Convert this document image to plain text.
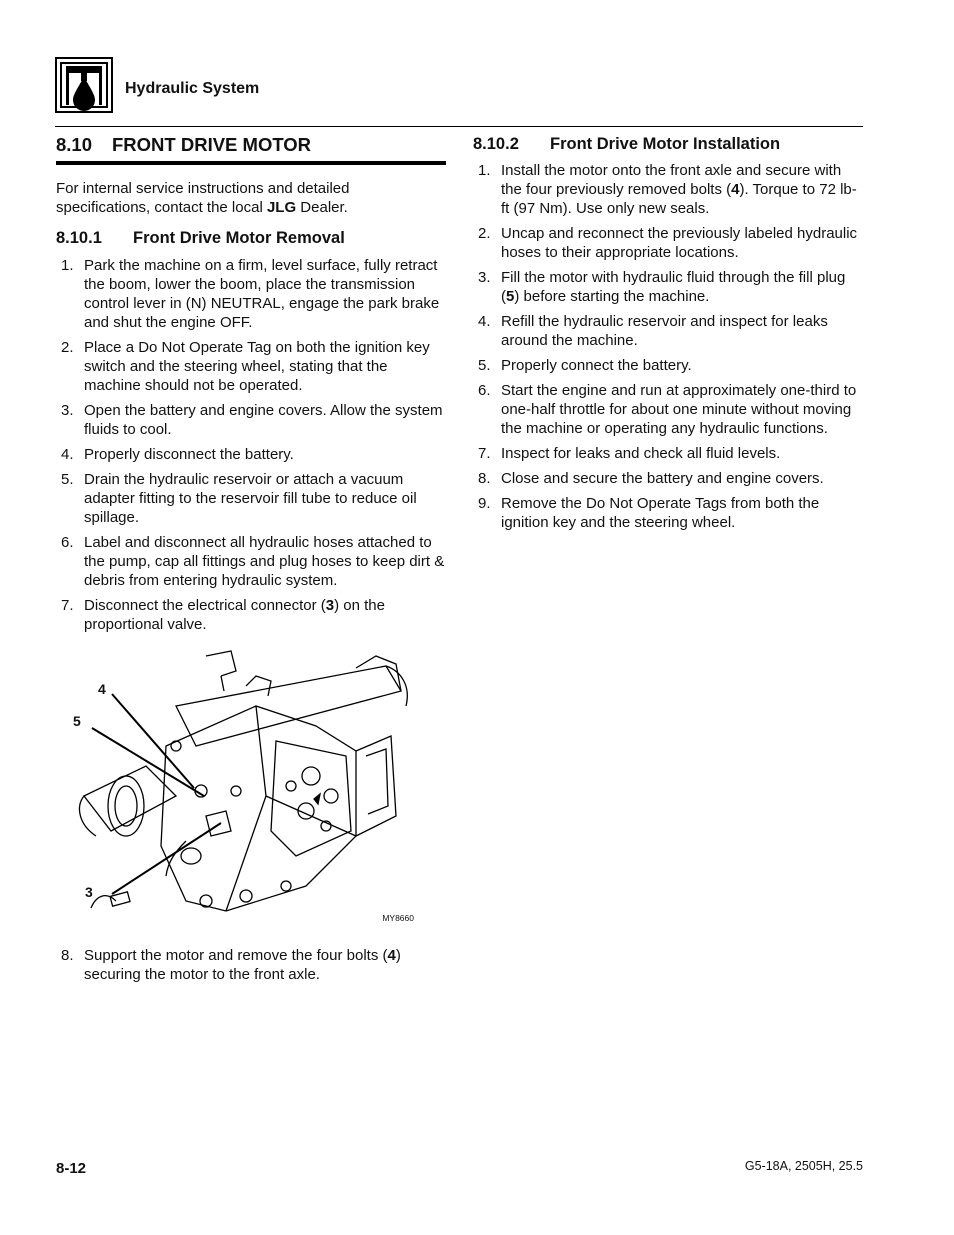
Hydraulic System
8.10 FRONT DRIVE MOTOR

For internal service instructions and detailed specifications, contact the local JLG Dealer.

8.10.1 Front Drive Motor Removal
1. Park the machine on a firm, level surface, fully retract the boom, lower the boom, place the transmission control lever in (N) NEUTRAL, engage the park brake and shut the engine OFF.
2. Place a Do Not Operate Tag on both the ignition key switch and the steering wheel, stating that the machine should not be operated.
3. Open the battery and engine covers. Allow the system fluids to cool.
4. Properly disconnect the battery.
5. Drain the hydraulic reservoir or attach a vacuum adapter fitting to the reservoir fill tube to reduce oil spillage.
6. Label and disconnect all hydraulic hoses attached to the pump, cap all fittings and plug hoses to keep dirt & debris from entering hydraulic system.
7. Disconnect the electrical connector (3) on the proportional valve.
4
5
3
MY8660
8. Support the motor and remove the four bolts (4) securing the motor to the front axle.
8.10.2 Front Drive Motor Installation
1. Install the motor onto the front axle and secure with the four previously removed bolts (4). Torque to 72 lb-ft (97 Nm). Use only new seals.
2. Uncap and reconnect the previously labeled hydraulic hoses to their appropriate locations.
3. Fill the motor with hydraulic fluid through the fill plug (5) before starting the machine.
4. Refill the hydraulic reservoir and inspect for leaks around the machine.
5. Properly connect the battery.
6. Start the engine and run at approximately one-third to one-half throttle for about one minute without moving the machine or operating any hydraulic functions.
7. Inspect for leaks and check all fluid levels.
8. Close and secure the battery and engine covers.
9. Remove the Do Not Operate Tags from both the ignition key and the steering wheel.
8-12	G5-18A, 2505H, 25.5
